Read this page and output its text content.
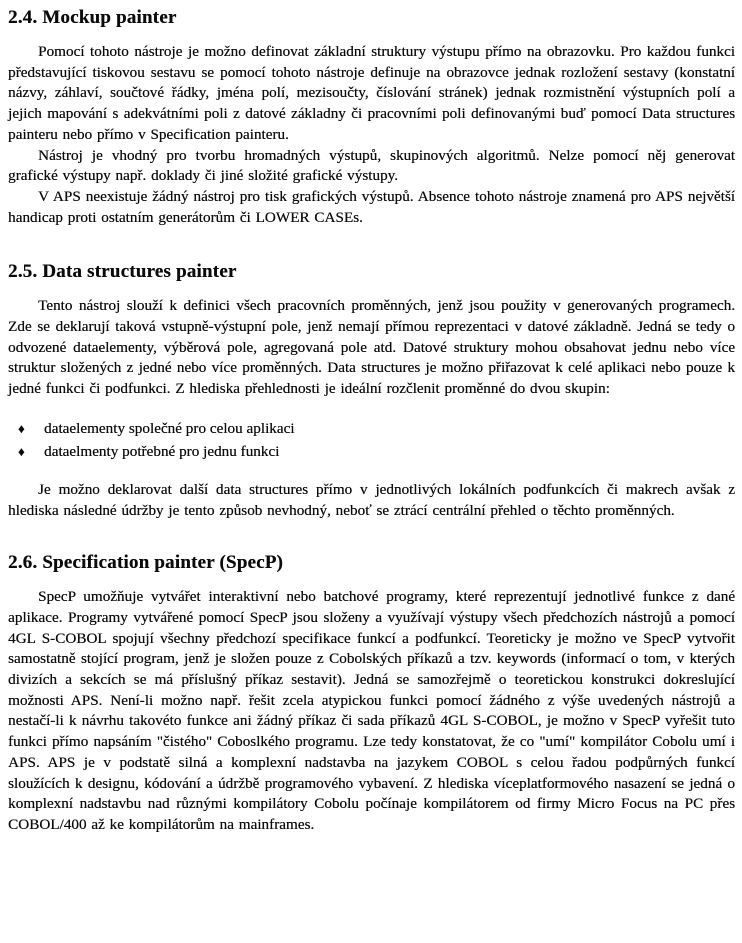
2.4. Mockup painter

Pomocí tohoto nástroje je možno definovat základní struktury výstupu přímo na obrazovku. Pro každou funkci představující tiskovou sestavu se pomocí tohoto nástroje definuje na obrazovce jednak rozložení sestavy (konstatní názvy, záhlaví, součtové řádky, jména polí, mezisoučty, číslování stránek) jednak rozmistnění výstupních polí a jejich mapování s adekvátními poli z datové základny či pracovními poli definovanými buď pomocí Data structures painteru nebo přímo v Specification painteru.

Nástroj je vhodný pro tvorbu hromadných výstupů, skupinových algoritmů. Nelze pomocí něj generovat grafické výstupy např. doklady či jiné složité grafické výstupy.

V APS neexistuje žádný nástroj pro tisk grafických výstupů. Absence tohoto nástroje znamená pro APS největší handicap proti ostatním generátorům či LOWER CASEs.

2.5. Data structures painter

Tento nástroj slouží k definici všech pracovních proměnných, jenž jsou použity v generovaných programech. Zde se deklarují taková vstupně-výstupní pole, jenž nemají přímou reprezentaci v datové základně. Jedná se tedy o odvozené dataelementy, výběrová pole, agregovaná pole atd. Datové struktury mohou obsahovat jednu nebo více struktur složených z jedné nebo více proměnných. Data structures je možno přiřazovat k celé aplikaci nebo pouze k jedné funkci či podfunkci. Z hlediska přehlednosti je ideální rozčlenit proměnné do dvou skupin:

♦ dataelementy společné pro celou aplikaci
♦ dataelmenty potřebné pro jednu funkci

Je možno deklarovat další data structures přímo v jednotlivých lokálních podfunkcích či makrech avšak z hlediska následné údržby je tento způsob nevhodný, neboť se ztrácí centrální přehled o těchto proměnných.

2.6. Specification painter (SpecP)

SpecP umožňuje vytvářet interaktivní nebo batchové programy, které reprezentují jednotlivé funkce z dané aplikace. Programy vytvářené pomocí SpecP jsou složeny a využívají výstupy všech předchozích nástrojů a pomocí 4GL S-COBOL spojují všechny předchozí specifikace funkcí a podfunkcí. Teoreticky je možno ve SpecP vytvořit samostatně stojící program, jenž je složen pouze z Cobolských příkazů a tzv. keywords (informací o tom, v kterých divizích a sekcích se má příslušný příkaz sestavit). Jedná se samozřejmě o teoretickou konstrukci dokreslující možnosti APS. Není-li možno např. řešit zcela atypickou funkci pomocí žádného z výše uvedených nástrojů a nestačí-li k návrhu takovéto funkce ani žádný příkaz či sada příkazů 4GL S-COBOL, je možno v SpecP vyřešit tuto funkci přímo napsáním "čistého" Coboslkého programu. Lze tedy konstatovat, že co "umí" kompilátor Cobolu umí i APS. APS je v podstatě silná a komplexní nadstavba na jazykem COBOL s celou řadou podpůrných funkcí sloužících k designu, kódování a údržbě programového vybavení. Z hlediska víceplatformového nasazení se jedná o komplexní nadstavbu nad různými kompilátory Cobolu počínaje kompilátorem od firmy Micro Focus na PC přes COBOL/400 až ke kompilátorům na mainframes.
